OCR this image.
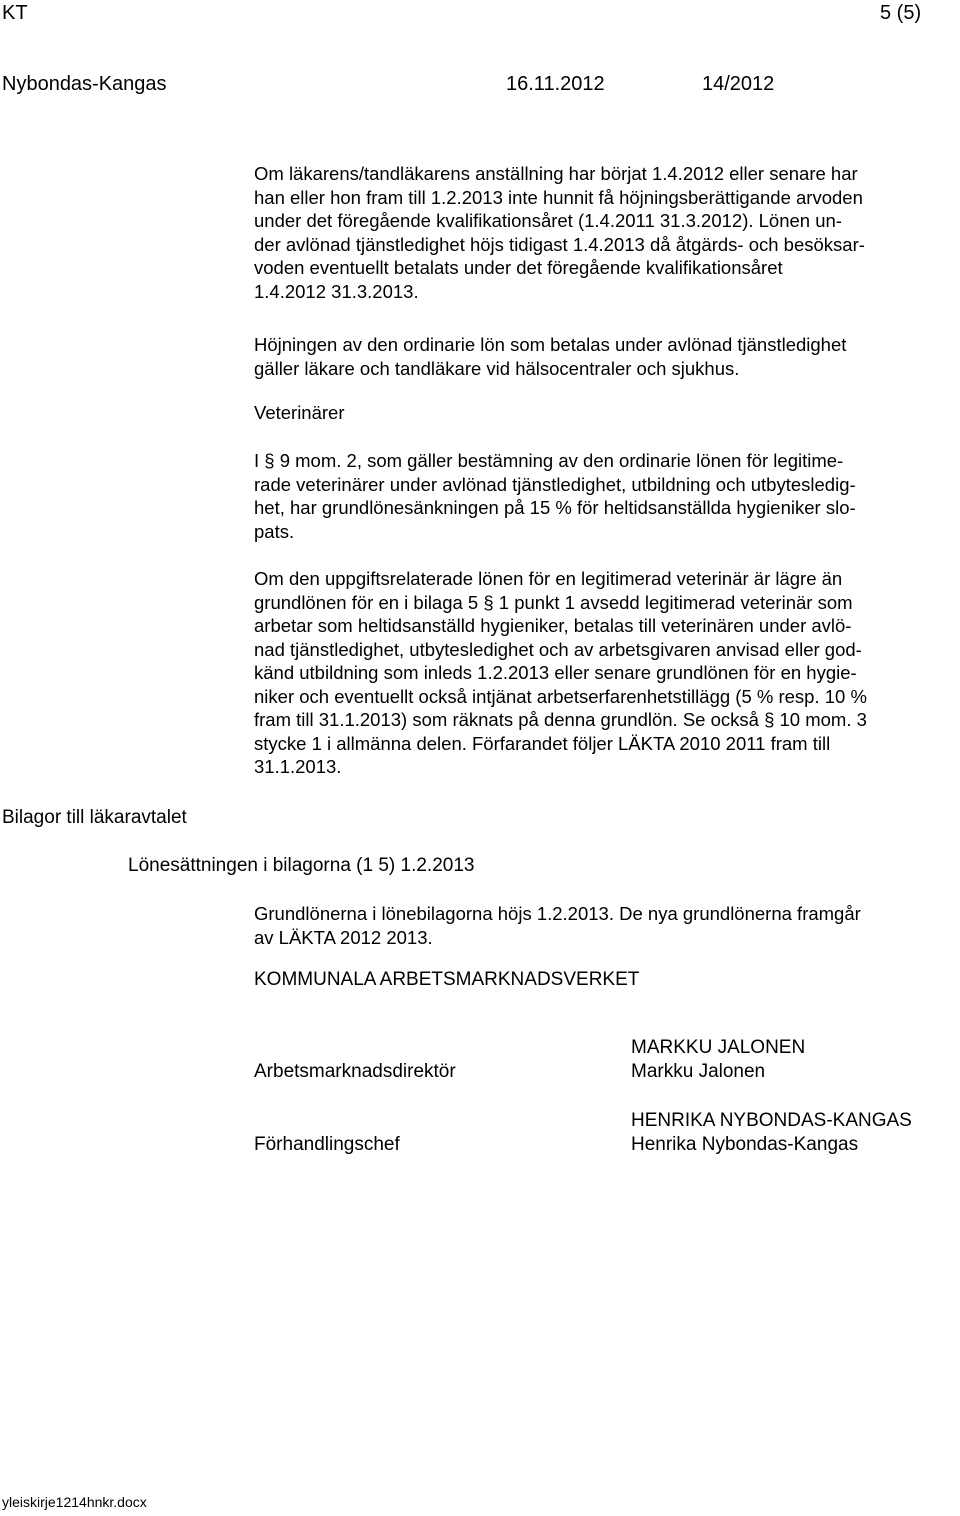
KT	5 (5)
Nybondas-Kangas	16.11.2012	14/2012
Om läkarens/tandläkarens anställning har börjat 1.4.2012 eller senare har
han eller hon fram till 1.2.2013 inte hunnit få höjningsberättigande arvoden
under det föregående kvalifikationsåret (1.4.2011 31.3.2012). Lönen un-
der avlönad tjänstledighet höjs tidigast 1.4.2013 då åtgärds- och besöksar-
voden eventuellt betalats under det föregående kvalifikationsåret
1.4.2012 31.3.2013.
Höjningen av den ordinarie lön som betalas under avlönad tjänstledighet
gäller läkare och tandläkare vid hälsocentraler och sjukhus.
Veterinärer
I § 9 mom. 2, som gäller bestämning av den ordinarie lönen för legitime-
rade veterinärer under avlönad tjänstledighet, utbildning och utbytesledig-
het, har grundlönesänkningen på 15 % för heltidsanställda hygieniker slo-
pats.
Om den uppgiftsrelaterade lönen för en legitimerad veterinär är lägre än
grundlönen för en i bilaga 5 § 1 punkt 1 avsedd legitimerad veterinär som
arbetar som heltidsanställd hygieniker, betalas till veterinären under avlö-
nad tjänstledighet, utbytesledighet och av arbetsgivaren anvisad eller god-
känd utbildning som inleds 1.2.2013 eller senare grundlönen för en hygie-
niker och eventuellt också intjänat arbetserfarenhetstillägg (5 % resp. 10 %
fram till 31.1.2013) som räknats på denna grundlön. Se också § 10 mom. 3
stycke 1 i allmänna delen. Förfarandet följer LÄKTA 2010 2011 fram till
31.1.2013.
Bilagor till läkaravtalet
Lönesättningen i bilagorna (1 5) 1.2.2013
Grundlönerna i lönebilagorna höjs 1.2.2013. De nya grundlönerna framgår
av LÄKTA 2012 2013.
KOMMUNALA ARBETSMARKNADSVERKET
Arbetsmarknadsdirektör
MARKKU JALONEN
Markku Jalonen
Förhandlingschef
HENRIKA NYBONDAS-KANGAS
Henrika Nybondas-Kangas
yleiskirje1214hnkr.docx
